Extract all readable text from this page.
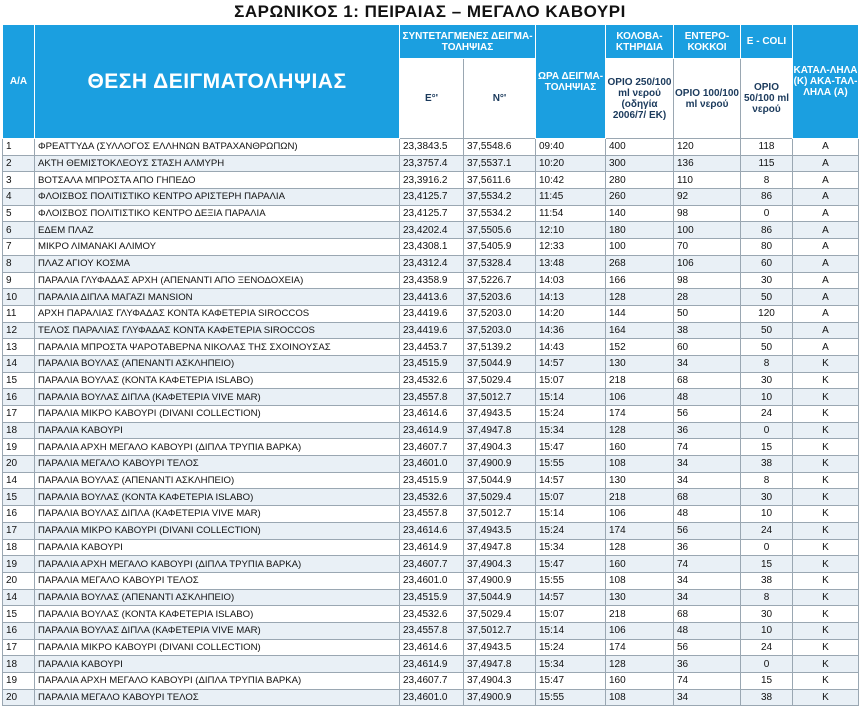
ΣΑΡΩΝΙΚΟΣ 1: ΠΕΙΡΑΙΑΣ – ΜΕΓΑΛΟ ΚΑΒΟΥΡΙ
Α/Α	ΘΕΣΗ ΔΕΙΓΜΑΤΟΛΗΨΙΑΣ	ΣΥΝΤΕΤΑΓΜΕΝΕΣ ΔΕΙΓΜΑ-ΤΟΛΗΨΙΑΣ		ΩΡΑ ΔΕΙΓΜΑ-ΤΟΛΗΨΙΑΣ	ΚΟΛΟΒΑ-ΚΤΗΡΙΔΙΑ	ΕΝΤΕΡΟ-ΚΟΚΚΟΙ	E - COLI	ΚΑΤΑΛ-ΛΗΛΑ (Κ) ΑΚΑ-ΤΑΛ-ΛΗΛΑ (Α)
		E°'	N°'		ΟΡΙΟ 250/100 ml νερού (οδηγία 2006/7/ ΕΚ)	ΟΡΙΟ 100/100 ml νερού	ΟΡΙΟ 50/100 ml νερού	
1	ΦΡΕΑΤΤΥΔΑ (ΣΥΛΛΟΓΟΣ ΕΛΛΗΝΩΝ ΒΑΤΡΑΧΑΝΘΡΩΠΩΝ)	23,3843.5	37,5548.6	09:40	400	120	118	Α
2	ΑΚΤΗ ΘΕΜΙΣΤΟΚΛΕΟΥΣ ΣΤΑΣΗ ΑΛΜΥΡΗ	23,3757.4	37,5537.1	10:20	300	136	115	Α
3	ΒΟΤΣΑΛΑ ΜΠΡΟΣΤΑ ΑΠΟ ΓΗΠΕΔΟ	23,3916.2	37,5611.6	10:42	280	110	8	Α
4	ΦΛΟΙΣΒΟΣ ΠΟΛΙΤΙΣΤΙΚΟ ΚΕΝΤΡΟ ΑΡΙΣΤΕΡΗ ΠΑΡΑΛΙΑ	23,4125.7	37,5534.2	11:45	260	92	86	Α
5	ΦΛΟΙΣΒΟΣ ΠΟΛΙΤΙΣΤΙΚΟ ΚΕΝΤΡΟ ΔΕΞΙΑ ΠΑΡΑΛΙΑ	23,4125.7	37,5534.2	11:54	140	98	0	Α
6	ΕΔΕΜ ΠΛΑΖ	23,4202.4	37,5505.6	12:10	180	100	86	Α
7	ΜΙΚΡΟ ΛΙΜΑΝΑΚΙ ΑΛΙΜΟΥ	23,4308.1	37,5405.9	12:33	100	70	80	Α
8	ΠΛΑΖ ΑΓΙΟΥ ΚΟΣΜΑ	23,4312.4	37,5328.4	13:48	268	106	60	Α
9	ΠΑΡΑΛΙΑ ΓΛΥΦΑΔΑΣ ΑΡΧΗ (ΑΠΕΝΑΝΤΙ ΑΠΟ ΞΕΝΟΔΟΧΕΙΑ)	23,4358.9	37,5226.7	14:03	166	98	30	Α
10	ΠΑΡΑΛΙΑ ΔΙΠΛΑ ΜΑΓΑΖΙ MANSION	23,4413.6	37,5203.6	14:13	128	28	50	Α
11	ΑΡΧΗ ΠΑΡΑΛΙΑΣ ΓΛΥΦΑΔΑΣ ΚΟΝΤΑ ΚΑΦΕΤΕΡΙΑ SIROCCOS	23,4419.6	37,5203.0	14:20	144	50	120	Α
12	ΤΕΛΟΣ ΠΑΡΑΛΙΑΣ ΓΛΥΦΑΔΑΣ ΚΟΝΤΑ ΚΑΦΕΤΕΡΙΑ SIROCCOS	23,4419.6	37,5203.0	14:36	164	38	50	Α
13	ΠΑΡΑΛΙΑ ΜΠΡΟΣΤΑ ΨΑΡΟΤΑΒΕΡΝΑ ΝΙΚΟΛΑΣ ΤΗΣ ΣΧΟΙΝΟΥΣΑΣ	23,4453.7	37,5139.2	14:43	152	60	50	Α
14	ΠΑΡΑΛΙΑ ΒΟΥΛΑΣ (ΑΠΕΝΑΝΤΙ ΑΣΚΛΗΠΕΙΟ)	23,4515.9	37,5044.9	14:57	130	34	8	Κ
15	ΠΑΡΑΛΙΑ ΒΟΥΛΑΣ (ΚΟΝΤΑ ΚΑΦΕΤΕΡΙΑ ISLABO)	23,4532.6	37,5029.4	15:07	218	68	30	Κ
16	ΠΑΡΑΛΙΑ ΒΟΥΛΑΣ ΔΙΠΛΑ (ΚΑΦΕΤΕΡΙΑ VIVE MAR)	23,4557.8	37,5012.7	15:14	106	48	10	Κ
17	ΠΑΡΑΛΙΑ ΜΙΚΡΟ ΚΑΒΟΥΡΙ (DIVANI COLLECTION)	23,4614.6	37,4943.5	15:24	174	56	24	Κ
18	ΠΑΡΑΛΙΑ ΚΑΒΟΥΡΙ	23,4614.9	37,4947.8	15:34	128	36	0	Κ
19	ΠΑΡΑΛΙΑ ΑΡΧΗ ΜΕΓΑΛΟ ΚΑΒΟΥΡΙ (ΔΙΠΛΑ ΤΡΥΠΙΑ ΒΑΡΚΑ)	23,4607.7	37,4904.3	15:47	160	74	15	Κ
20	ΠΑΡΑΛΙΑ ΜΕΓΑΛΟ ΚΑΒΟΥΡΙ ΤΕΛΟΣ	23,4601.0	37,4900.9	15:55	108	34	38	Κ
14	ΠΑΡΑΛΙΑ ΒΟΥΛΑΣ (ΑΠΕΝΑΝΤΙ ΑΣΚΛΗΠΕΙΟ)	23,4515.9	37,5044.9	14:57	130	34	8	Κ
15	ΠΑΡΑΛΙΑ ΒΟΥΛΑΣ (ΚΟΝΤΑ ΚΑΦΕΤΕΡΙΑ ISLABO)	23,4532.6	37,5029.4	15:07	218	68	30	Κ
16	ΠΑΡΑΛΙΑ ΒΟΥΛΑΣ ΔΙΠΛΑ (ΚΑΦΕΤΕΡΙΑ VIVE MAR)	23,4557.8	37,5012.7	15:14	106	48	10	Κ
17	ΠΑΡΑΛΙΑ ΜΙΚΡΟ ΚΑΒΟΥΡΙ (DIVANI COLLECTION)	23,4614.6	37,4943.5	15:24	174	56	24	Κ
18	ΠΑΡΑΛΙΑ ΚΑΒΟΥΡΙ	23,4614.9	37,4947.8	15:34	128	36	0	Κ
19	ΠΑΡΑΛΙΑ ΑΡΧΗ ΜΕΓΑΛΟ ΚΑΒΟΥΡΙ (ΔΙΠΛΑ ΤΡΥΠΙΑ ΒΑΡΚΑ)	23,4607.7	37,4904.3	15:47	160	74	15	Κ
20	ΠΑΡΑΛΙΑ ΜΕΓΑΛΟ ΚΑΒΟΥΡΙ ΤΕΛΟΣ	23,4601.0	37,4900.9	15:55	108	34	38	Κ
14	ΠΑΡΑΛΙΑ ΒΟΥΛΑΣ (ΑΠΕΝΑΝΤΙ ΑΣΚΛΗΠΕΙΟ)	23,4515.9	37,5044.9	14:57	130	34	8	Κ
15	ΠΑΡΑΛΙΑ ΒΟΥΛΑΣ (ΚΟΝΤΑ ΚΑΦΕΤΕΡΙΑ ISLABO)	23,4532.6	37,5029.4	15:07	218	68	30	Κ
16	ΠΑΡΑΛΙΑ ΒΟΥΛΑΣ ΔΙΠΛΑ (ΚΑΦΕΤΕΡΙΑ VIVE MAR)	23,4557.8	37,5012.7	15:14	106	48	10	Κ
17	ΠΑΡΑΛΙΑ ΜΙΚΡΟ ΚΑΒΟΥΡΙ (DIVANI COLLECTION)	23,4614.6	37,4943.5	15:24	174	56	24	Κ
18	ΠΑΡΑΛΙΑ ΚΑΒΟΥΡΙ	23,4614.9	37,4947.8	15:34	128	36	0	Κ
19	ΠΑΡΑΛΙΑ ΑΡΧΗ ΜΕΓΑΛΟ ΚΑΒΟΥΡΙ (ΔΙΠΛΑ ΤΡΥΠΙΑ ΒΑΡΚΑ)	23,4607.7	37,4904.3	15:47	160	74	15	Κ
20	ΠΑΡΑΛΙΑ ΜΕΓΑΛΟ ΚΑΒΟΥΡΙ ΤΕΛΟΣ	23,4601.0	37,4900.9	15:55	108	34	38	Κ
